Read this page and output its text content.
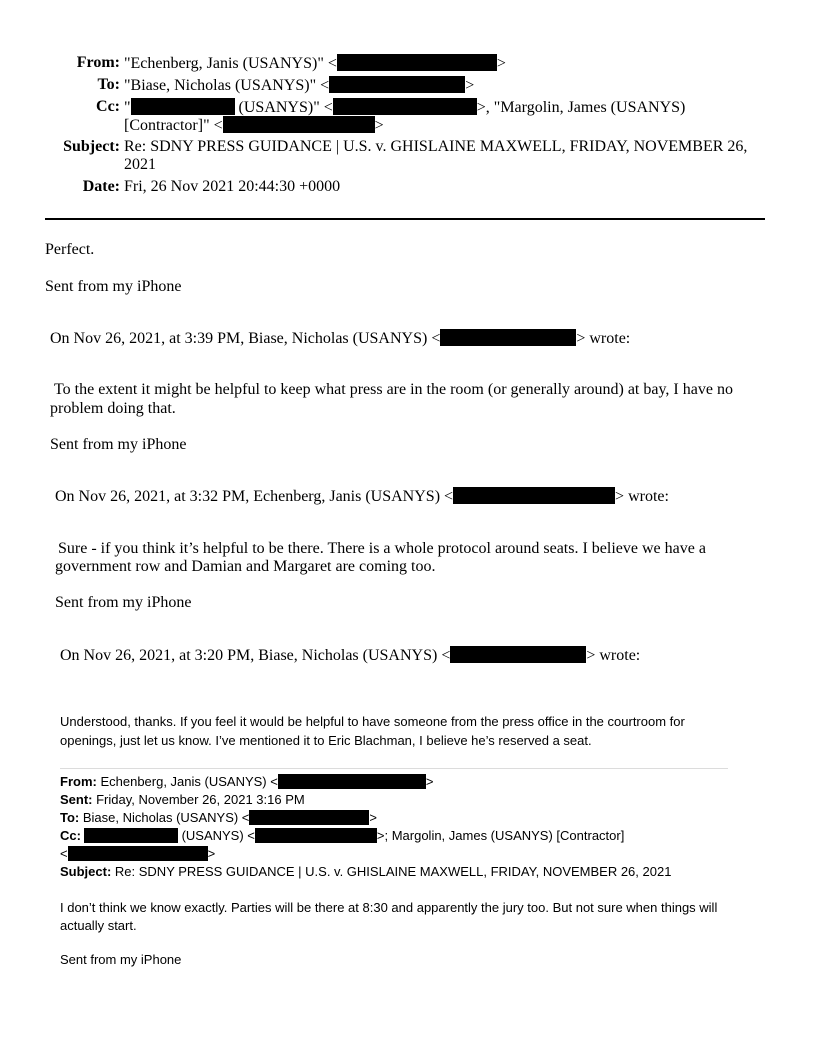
From: "Echenberg, Janis (USANYS)" <	>
To: "Biase, Nicholas (USANYS)" <	>
Cc: "	(USANYS)" <	>, "Margolin, James (USANYS)
[Contractor]" <	>
Subject: Re: SDNY PRESS GUIDANCE | U.S. v. GHISLAINE MAXWELL, FRIDAY, NOVEMBER 26,
2021
Date: Fri, 26 Nov 2021 20:44:30 +0000
Perfect.
Sent from my iPhone
On Nov 26, 2021, at 3:39 PM, Biase, Nicholas (USANYS) <	> wrote:
To the extent it might be helpful to keep what press are in the room (or generally around) at bay, I have no
problem doing that.
Sent from my iPhone
On Nov 26, 2021, at 3:32 PM, Echenberg, Janis (USANYS) <	> wrote:
Sure - if you think it’s helpful to be there. There is a whole protocol around seats. I believe we have a
government row and Damian and Margaret are coming too.
Sent from my iPhone
On Nov 26, 2021, at 3:20 PM, Biase, Nicholas (USANYS) <	> wrote:
Understood, thanks. If you feel it would be helpful to have someone from the press office in the courtroom for
openings, just let us know. I’ve mentioned it to Eric Blachman, I believe he’s reserved a seat.
From: Echenberg, Janis (USANYS) <	>
Sent: Friday, November 26, 2021 3:16 PM
To: Biase, Nicholas (USANYS) <	>
Cc:	(USANYS) <	>; Margolin, James (USANYS) [Contractor]
<	>
Subject: Re: SDNY PRESS GUIDANCE | U.S. v. GHISLAINE MAXWELL, FRIDAY, NOVEMBER 26, 2021
I don’t think we know exactly. Parties will be there at 8:30 and apparently the jury too. But not sure when things will
actually start.
Sent from my iPhone
